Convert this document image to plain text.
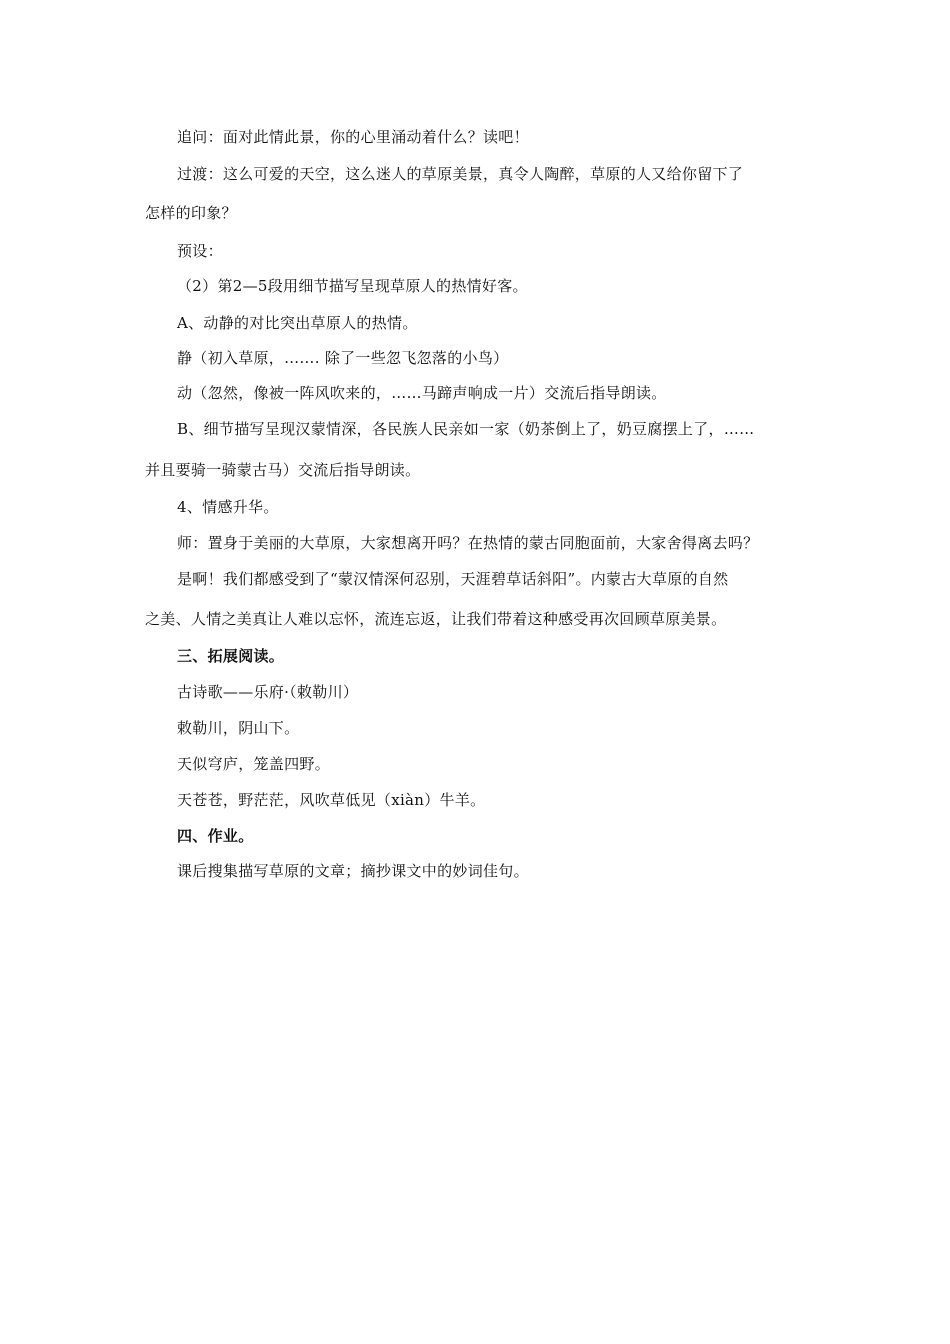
追问：面对此情此景，你的心里涌动着什么？读吧！
过渡：这么可爱的天空，这么迷人的草原美景，真令人陶醉，草原的人又给你留下了
怎样的印象？
预设：
（2）第2—5段用细节描写呈现草原人的热情好客。
A、动静的对比突出草原人的热情。
静（初入草原，……. 除了一些忽飞忽落的小鸟）
动（忽然，像被一阵风吹来的，……马蹄声响成一片）交流后指导朗读。
B、细节描写呈现汉蒙情深，各民族人民亲如一家（奶茶倒上了，奶豆腐摆上了，……
并且要骑一骑蒙古马）交流后指导朗读。
4、情感升华。
师：置身于美丽的大草原，大家想离开吗？在热情的蒙古同胞面前，大家舍得离去吗？
是啊！我们都感受到了“蒙汉情深何忍别，天涯碧草话斜阳”。内蒙古大草原的自然
之美、人情之美真让人难以忘怀，流连忘返，让我们带着这种感受再次回顾草原美景。
三、拓展阅读。
古诗歌——乐府·（敕勒川）
敕勒川，阴山下。
天似穹庐，笼盖四野。
天苍苍，野茫茫，风吹草低见（xiàn）牛羊。
四、作业。
课后搜集描写草原的文章；摘抄课文中的妙词佳句。
